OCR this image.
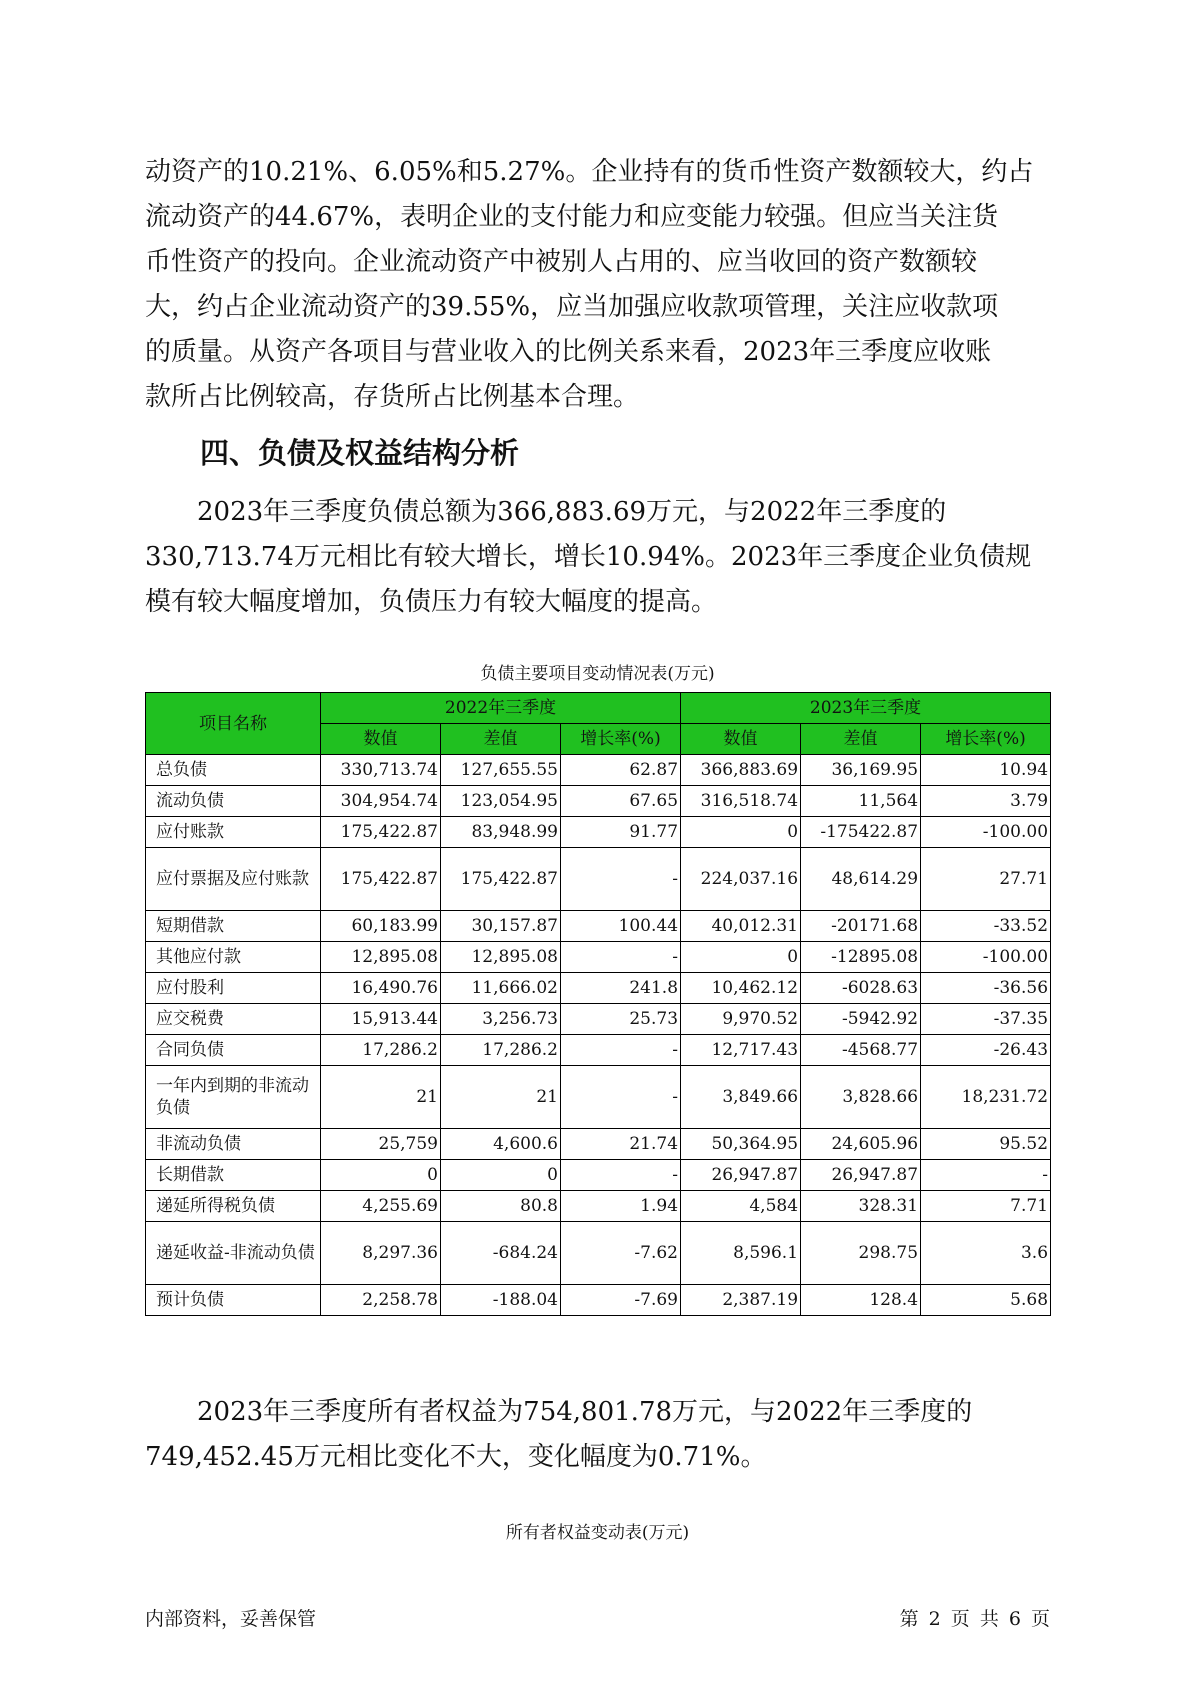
动资产的10.21%、6.05%和5.27%。企业持有的货币性资产数额较大，约占
流动资产的44.67%，表明企业的支付能力和应变能力较强。但应当关注货
币性资产的投向。企业流动资产中被别人占用的、应当收回的资产数额较
大，约占企业流动资产的39.55%，应当加强应收款项管理，关注应收款项
的质量。从资产各项目与营业收入的比例关系来看，2023年三季度应收账
款所占比例较高，存货所占比例基本合理。
四、负债及权益结构分析
2023年三季度负债总额为366,883.69万元，与2022年三季度的
330,713.74万元相比有较大增长，增长10.94%。2023年三季度企业负债规
模有较大幅度增加，负债压力有较大幅度的提高。
负债主要项目变动情况表(万元)
项目名称	2022年三季度			2023年三季度		
	数值	差值	增长率(%)	数值	差值	增长率(%)
总负债	330,713.74	127,655.55	62.87	366,883.69	36,169.95	10.94
流动负债	304,954.74	123,054.95	67.65	316,518.74	11,564	3.79
应付账款	175,422.87	83,948.99	91.77	0	-175422.87	-100.00
应付票据及应付账款	175,422.87	175,422.87	-	224,037.16	48,614.29	27.71
短期借款	60,183.99	30,157.87	100.44	40,012.31	-20171.68	-33.52
其他应付款	12,895.08	12,895.08	-	0	-12895.08	-100.00
应付股利	16,490.76	11,666.02	241.8	10,462.12	-6028.63	-36.56
应交税费	15,913.44	3,256.73	25.73	9,970.52	-5942.92	-37.35
合同负债	17,286.2	17,286.2	-	12,717.43	-4568.77	-26.43
一年内到期的非流动负债	21	21	-	3,849.66	3,828.66	18,231.72
非流动负债	25,759	4,600.6	21.74	50,364.95	24,605.96	95.52
长期借款	0	0	-	26,947.87	26,947.87	-
递延所得税负债	4,255.69	80.8	1.94	4,584	328.31	7.71
递延收益-非流动负债	8,297.36	-684.24	-7.62	8,596.1	298.75	3.6
预计负债	2,258.78	-188.04	-7.69	2,387.19	128.4	5.68
2023年三季度所有者权益为754,801.78万元，与2022年三季度的
749,452.45万元相比变化不大，变化幅度为0.71%。
所有者权益变动表(万元)
内部资料，妥善保管	第 2 页 共 6 页
